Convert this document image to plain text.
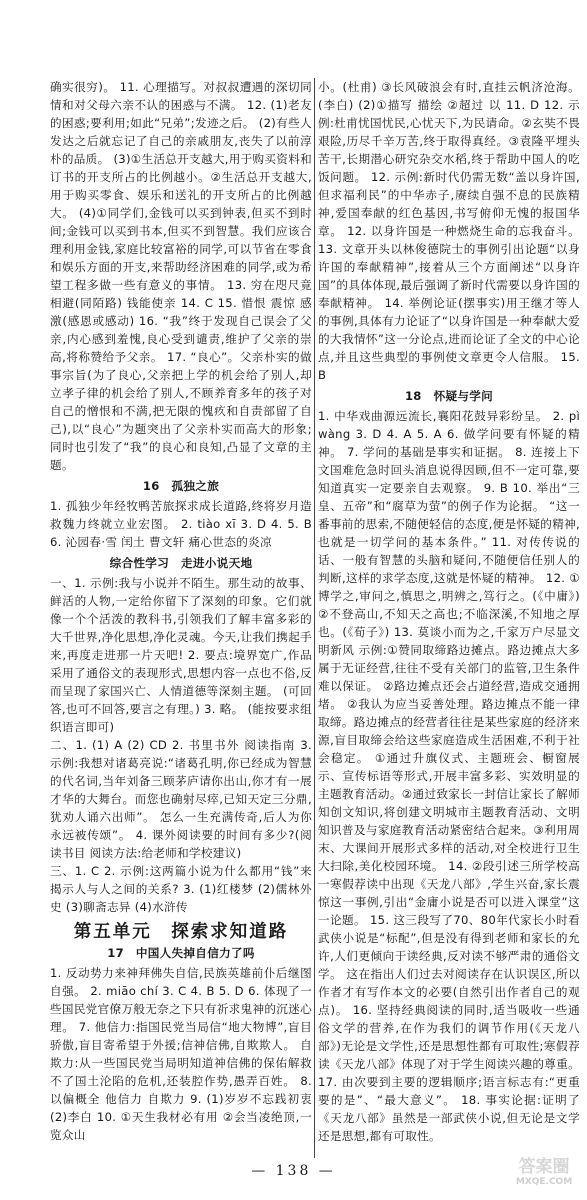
确实很穷)。 11. 心理描写。对叔叔遭遇的深切同情和对父母六亲不认的困惑与不满。 12. (1)老友的困惑;要利用;如此“兄弟”;发迹之后。 (2)有些人发达之后就忘记了自己的亲戚朋友,丧失了以前淳朴的品质。 (3)①生活总开支越大,用于购买资料和订书的开支所占的比例越小。②生活总开支越大,用于购买零食、娱乐和送礼的开支所占的比例越大。 (4)①同学们,金钱可以买到钟表,但买不到时间;金钱可以买到书本,但买不到智慧。我们应该合理利用金钱,家庭比较富裕的同学,可以节省在零食和娱乐方面的开支,来帮助经济困难的同学,或为希望工程多做一些有意义的事情。 13. 穷在咫尺竟相避(同陌路) 钱能使亲 14. C 15. 惜恨 震惊 感激(感恩或感动) 16. “我”终于发现自己误会了父亲,内心感到羞愧,良心受到谴责,维护了父亲的崇高,将称赞给予父亲。 17. “良心”。父亲朴实的做事宗旨(为了良心,父亲把上学的机会给了别人,却立孝子律的机会给了别人,不顾养育多年的孩子对自己的憎恨和不满,把无限的愧疚和自责部留了自己),以“良心”为题突出了父亲朴实而高大的形象;同时也引发了“我”的良心和良知,凸显了文章的主题。

16　孤独之旅

1. 孤独少年经牧鸭苦旅探求成长道路,终将岁月造救魏力终就立业宏图。 2. tiào xī 3. D 4. 5. B 6. 沁园春·雪 闰土 曹文轩 痛心世态的炎凉

综合性学习　走进小说天地

一、1. 示例:我与小说并不陌生。那生动的故事、鲜活的人物,一定给你留下了深刻的印象。它们就像一个个活泼的教科书,引领我们了解丰富多彩的大千世界,净化思想,净化灵魂。今天,让我们携起手来,再度走进那一片天吧! 2. 要点:境界宽广,作品采用了通俗文的表现形式,思想内容一点也不俗,反而呈现了家国兴亡、人情道德等深刻主题。 (可回答,也可不回答,要言之有理。) 3. 略。 (能按要求组织语言即可)

二、1. (1) A (2) CD 2. 书里书外 阅读指南 3. 示例:我想对诸葛亮说:“诸葛孔明,你已经成为智慧的代名词,当年刘备三顾茅庐请你出山,你才有一展才华的大舞台。而您也确射尽瘁,已知天定三分鼎,犹劝人诵六出师”。 怎么一生充满传奇,后人为你永远被传颂”。 4. 课外阅读要的时间有多少?(阅读书目 阅读方法:给老师和学校建议)

三、1. C 2. 示例:这两篇小说为什么都用“钱”来揭示人与人之间的关系? 3. (1)红楼梦 (2)儒林外史 (3)聊斋志异 (4)水浒传

第五单元　探索求知道路
17　中国人失掉自信力了吗

1. 反动势力来神拜佛失自信,民族英雄前仆后继图自强。 2. miāo chí 3. C 4. B 5. D 6. 体现了一些国民党官僚万般无奈之下只有祈求鬼神的沉迷心理。 7. 他信力:指国民党当局信“地大物博”,盲目骄傲,盲目寄希望于外援;信神信佛,自欺欺人。 自欺力:从一些国民党当局明知道神信佛的保佑解救不了国土沦陷的危机,还装腔作势,愚弄百姓。 8. 以偏概全 他信力 自欺力 9. (1)岁岁不忘践初衷 (2)李白 10. ①天生我材必有用 ②会当凌绝顶,一览众山

小。(杜甫) ③长风破浪会有时,直挂云帆济沧海。(李白) (2)①描写 描绘 ②超过 以 11. D 12. 示例:杜甫忧国忧民,心忧天下,为民请命。②玄奘不畏艰险,历尽千辛万苦,终于取得真经。③袁隆平埋头苦干,长期潜心研究杂交水稻,终于帮助中国人的吃饭问题。 12. 示例:新时代仍需无数“盖以身许国,但求福利民”的中华赤子,赓续自强不息的民族精神,爱国奉献的红色基因,书写俯仰无愧的报国华章。 12. 以身许国是一种燃烧生命的忘我奋斗。 13. 文章开头以林俊德院士的事例引出论题“以身许国的奉献精神”,接着从三个方面阐述“以身许国”的具体体现,最后强调了新时代需要以身许国的奉献精神。 14. 举例论证(摆事实)用王继才等人的事例,具体有力论证了“以身许国是一种奉献大爱的大我情怀”这一分论点,进而论证了全文的中心论点,并且这些典型的事例使文章更令人信服。 15. B

18　怀疑与学问

1. 中华戏曲源远流长,襄阳花鼓异彩纷呈。 2. pì wàng 3. D 4. A 5. A 6. 做学问要有怀疑的精神。 7. 学问的基础是事实和证据。 8. 连接上下文国难危急时回头消息说得因顾,但不一定可靠,要知道真实一定要亲自去观察。 9. B 10. 举出“三皇、五帝”和“腐草为萤”的例子作为论据。 “这一番事前的思索,不随便轻信的态度,便是怀疑的精神,也就是一切学问的基本条件。” 11. 对传传说的话、一般有智慧的头脑和疑问,不随便信任别人的判断,这样的求学态度,这就是怀疑的精神。 12. ①博学之,审问之,慎思之,明辨之,笃行之。(《中庸》) ②不登高山,不知天之高也;不临深溪,不知地之厚也。(《荀子》) 13. 莫谈小而为之,千家万户尽显文明新风 示例:①赞同取缔路边摊点。路边摊点大多属于无证经营,往往不受有关部门的监管,卫生条件难以保证。 ②路边摊点还会占道经营,造成交通拥堵。 ②我认为应当妥善处理。路边摊点不能一律取缔。路边摊点的经营者往往是某些家庭的经济来源,盲目取缔会给这些家庭造成生活困难,不利于社会稳定。 ①通过升旗仪式、主题班会、橱窗展示、宣传标语等形式,开展丰富多彩、实效明显的主题教育活动。②通过致家长一封信让家长了解师知创文知识,将创建文明城市主题教育活动、文明知识普及与家庭教育活动紧密结合起来。③利用周末、大课间开展形式多样的活动,对全校进行卫生大扫除,美化校园环境。 14. ②段引述三所学校高一寒假荐读中出现《天龙八部》,学生兴奋,家长震惊这一事例,引出“金庸小说是否可以进入课堂”这一论题。 15. 这三段写了70、80年代家长小时看武侠小说是“标配”,但是没有得到老师和家长的允许,人们更倾向于读经典,反对读不够严肃的通俗文学。 这在指出人们过去对阅读存在认识误区,所以作者才有写作本文的必要(自然引出作者自己的观点)。 16. 坚持经典阅读的同时,适当吸收一些通俗文学的营养,在作为我们的调节作用(《天龙八部》)无论是文学性,还是思想性都有可取性;寒假荐读《天龙八部》体现了对于学生阅读兴趣的尊重。 17. 由次要到主要的逻辑顺序;语言标志有:“更重要的是”、“最大意义”。 18. 事实论据:证明了《天龙八部》虽然是一部武侠小说,但无论是文学还是思想,都有可取性。

— 138 —	答案圈
MXQE.COM
